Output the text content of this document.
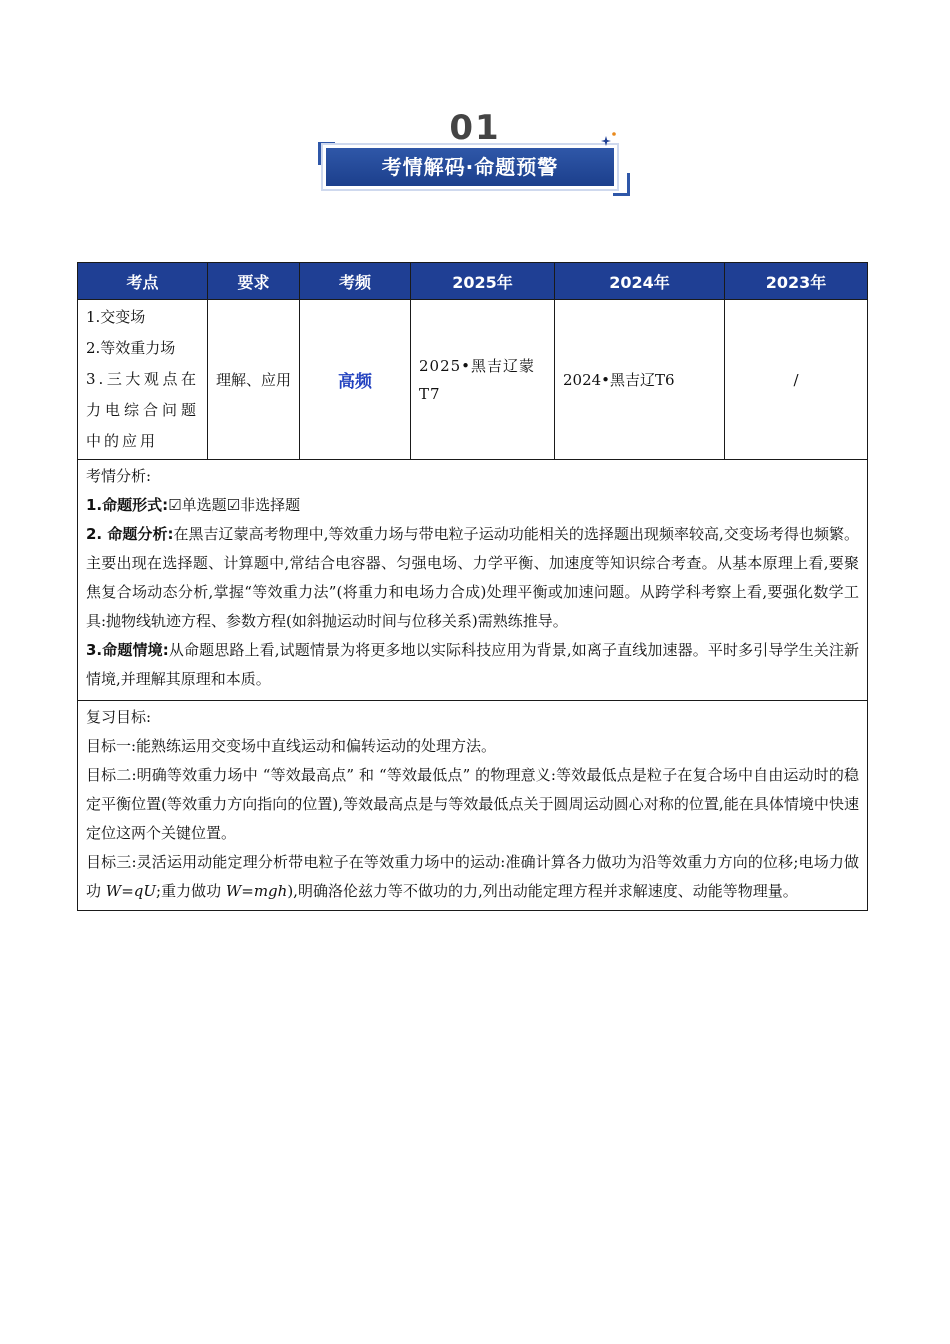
01
考情解码·命题预警
考点	要求	考频	2025年	2024年	2023年

1.交变场
2.等效重力场
3.三大观点在力电综合问题中的应用	理解、应用	高频	2025•黑吉辽蒙T7	2024•黑吉辽T6	/

考情分析:

1.命题形式:☑单选题☑非选择题

2. 命题分析:在黑吉辽蒙高考物理中,等效重力场与带电粒子运动功能相关的选择题出现频率较高,交变场考得也频繁。主要出现在选择题、计算题中,常结合电容器、匀强电场、力学平衡、加速度等知识综合考查。从基本原理上看,要聚焦复合场动态分析,掌握“等效重力法”(将重力和电场力合成)处理平衡或加速问题。从跨学科考察上看,要强化数学工具:抛物线轨迹方程、参数方程(如斜抛运动时间与位移关系)需熟练推导。

3.命题情境:从命题思路上看,试题情景为将更多地以实际科技应用为背景,如离子直线加速器。平时多引导学生关注新情境,并理解其原理和本质。					

复习目标:

目标一:能熟练运用交变场中直线运动和偏转运动的处理方法。

目标二:明确等效重力场中 “等效最高点” 和 “等效最低点” 的物理意义:等效最低点是粒子在复合场中自由运动时的稳定平衡位置(等效重力方向指向的位置),等效最高点是与等效最低点关于圆周运动圆心对称的位置,能在具体情境中快速定位这两个关键位置。

目标三:灵活运用动能定理分析带电粒子在等效重力场中的运动:准确计算各力做功为沿等效重力方向的位移;电场力做功 W=qU;重力做功 W=mgh),明确洛伦兹力等不做功的力,列出动能定理方程并求解速度、动能等物理量。					
